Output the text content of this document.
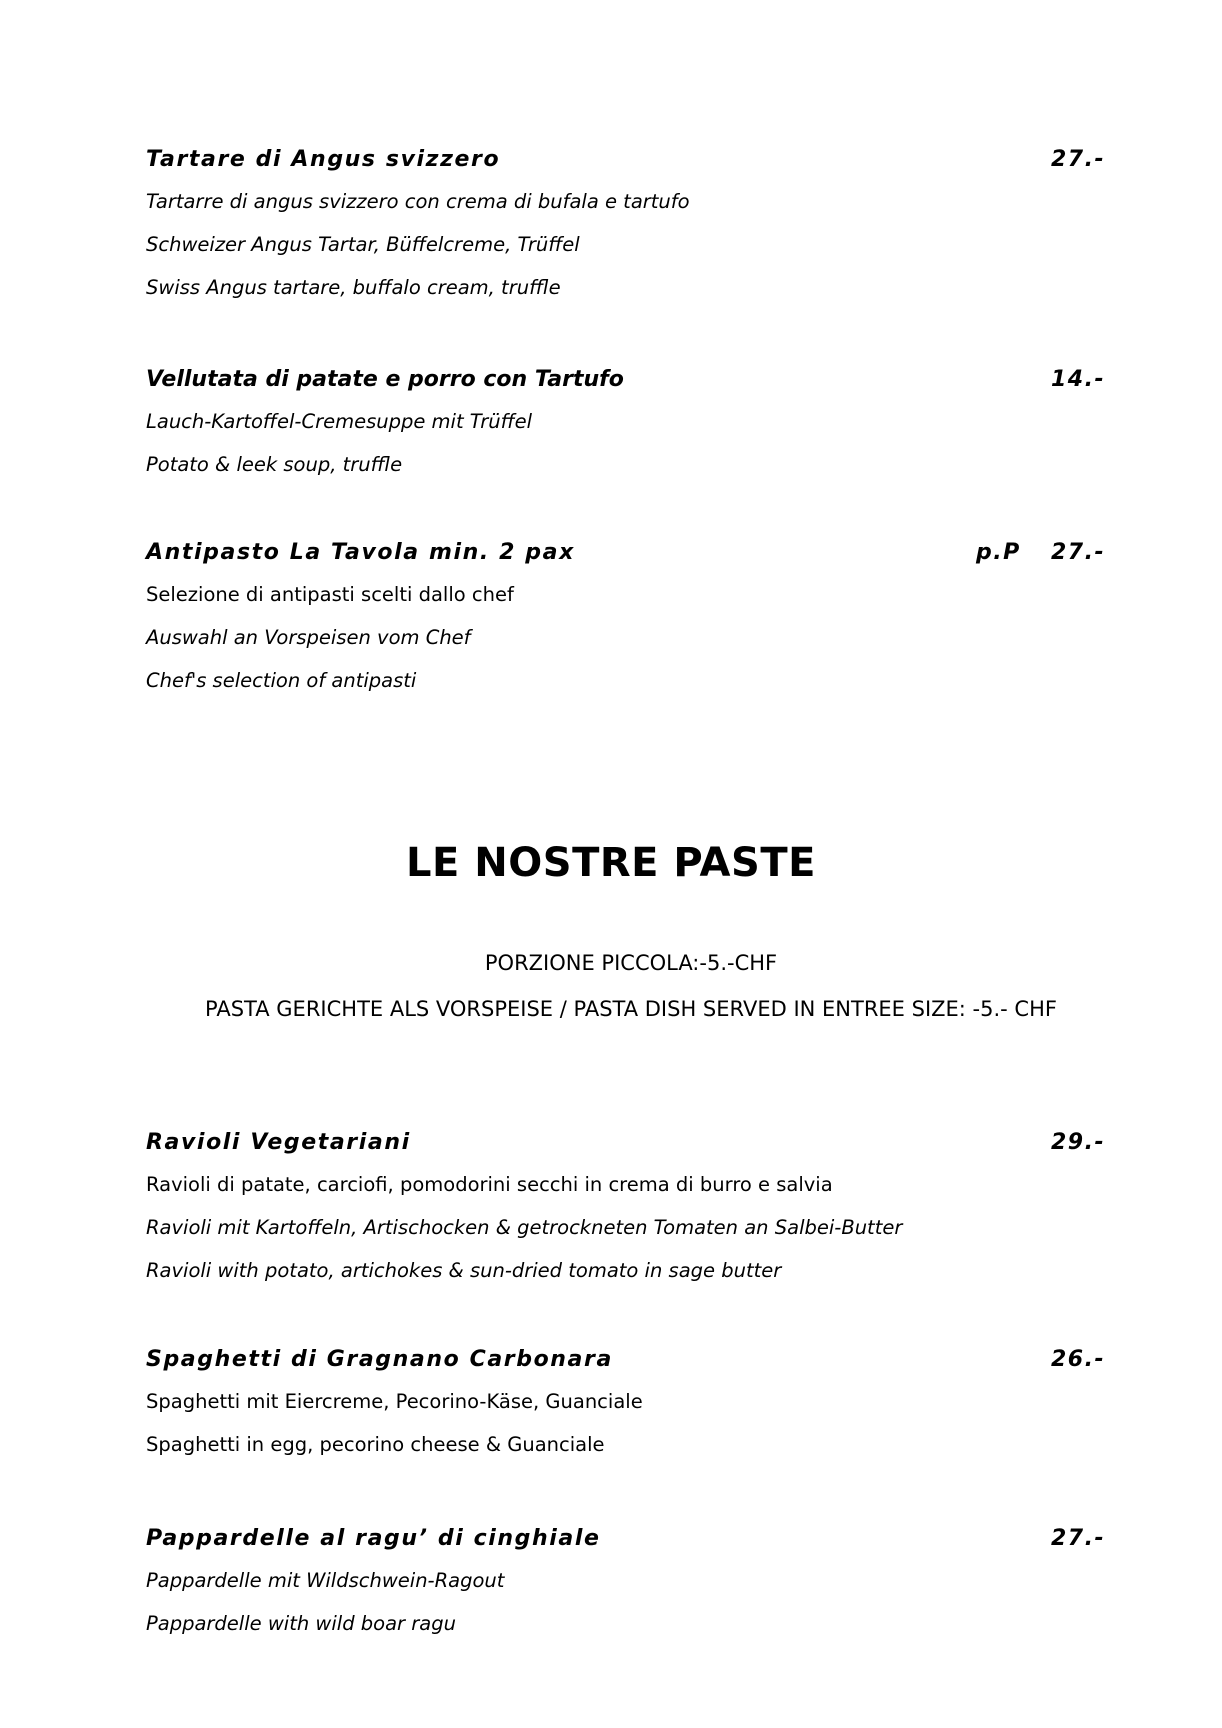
Tartare di Angus svizzero	27.-
Tartarre di angus svizzero con crema di bufala e tartufo
Schweizer Angus Tartar, Büffelcreme, Trüffel
Swiss Angus tartare, buffalo cream, truffle
Vellutata di patate e porro con Tartufo	14.-
Lauch-Kartoffel-Cremesuppe mit Trüffel
Potato & leek soup, truffle
Antipasto La Tavola min. 2 pax	p.P 27.-
Selezione di antipasti scelti dallo chef
Auswahl an Vorspeisen vom Chef
Chef's selection of antipasti
LE NOSTRE PASTE
PORZIONE PICCOLA:-5.-CHF
PASTA GERICHTE ALS VORSPEISE / PASTA DISH SERVED IN ENTREE SIZE: -5.- CHF
Ravioli Vegetariani	29.-
Ravioli di patate, carciofi, pomodorini secchi in crema di burro e salvia
Ravioli mit Kartoffeln, Artischocken & getrockneten Tomaten an Salbei-Butter
Ravioli with potato, artichokes & sun-dried tomato in sage butter
Spaghetti di Gragnano Carbonara	26.-
Spaghetti mit Eiercreme, Pecorino-Käse, Guanciale
Spaghetti in egg, pecorino cheese & Guanciale
Pappardelle al ragu’ di cinghiale	27.-
Pappardelle mit Wildschwein-Ragout
Pappardelle with wild boar ragu
